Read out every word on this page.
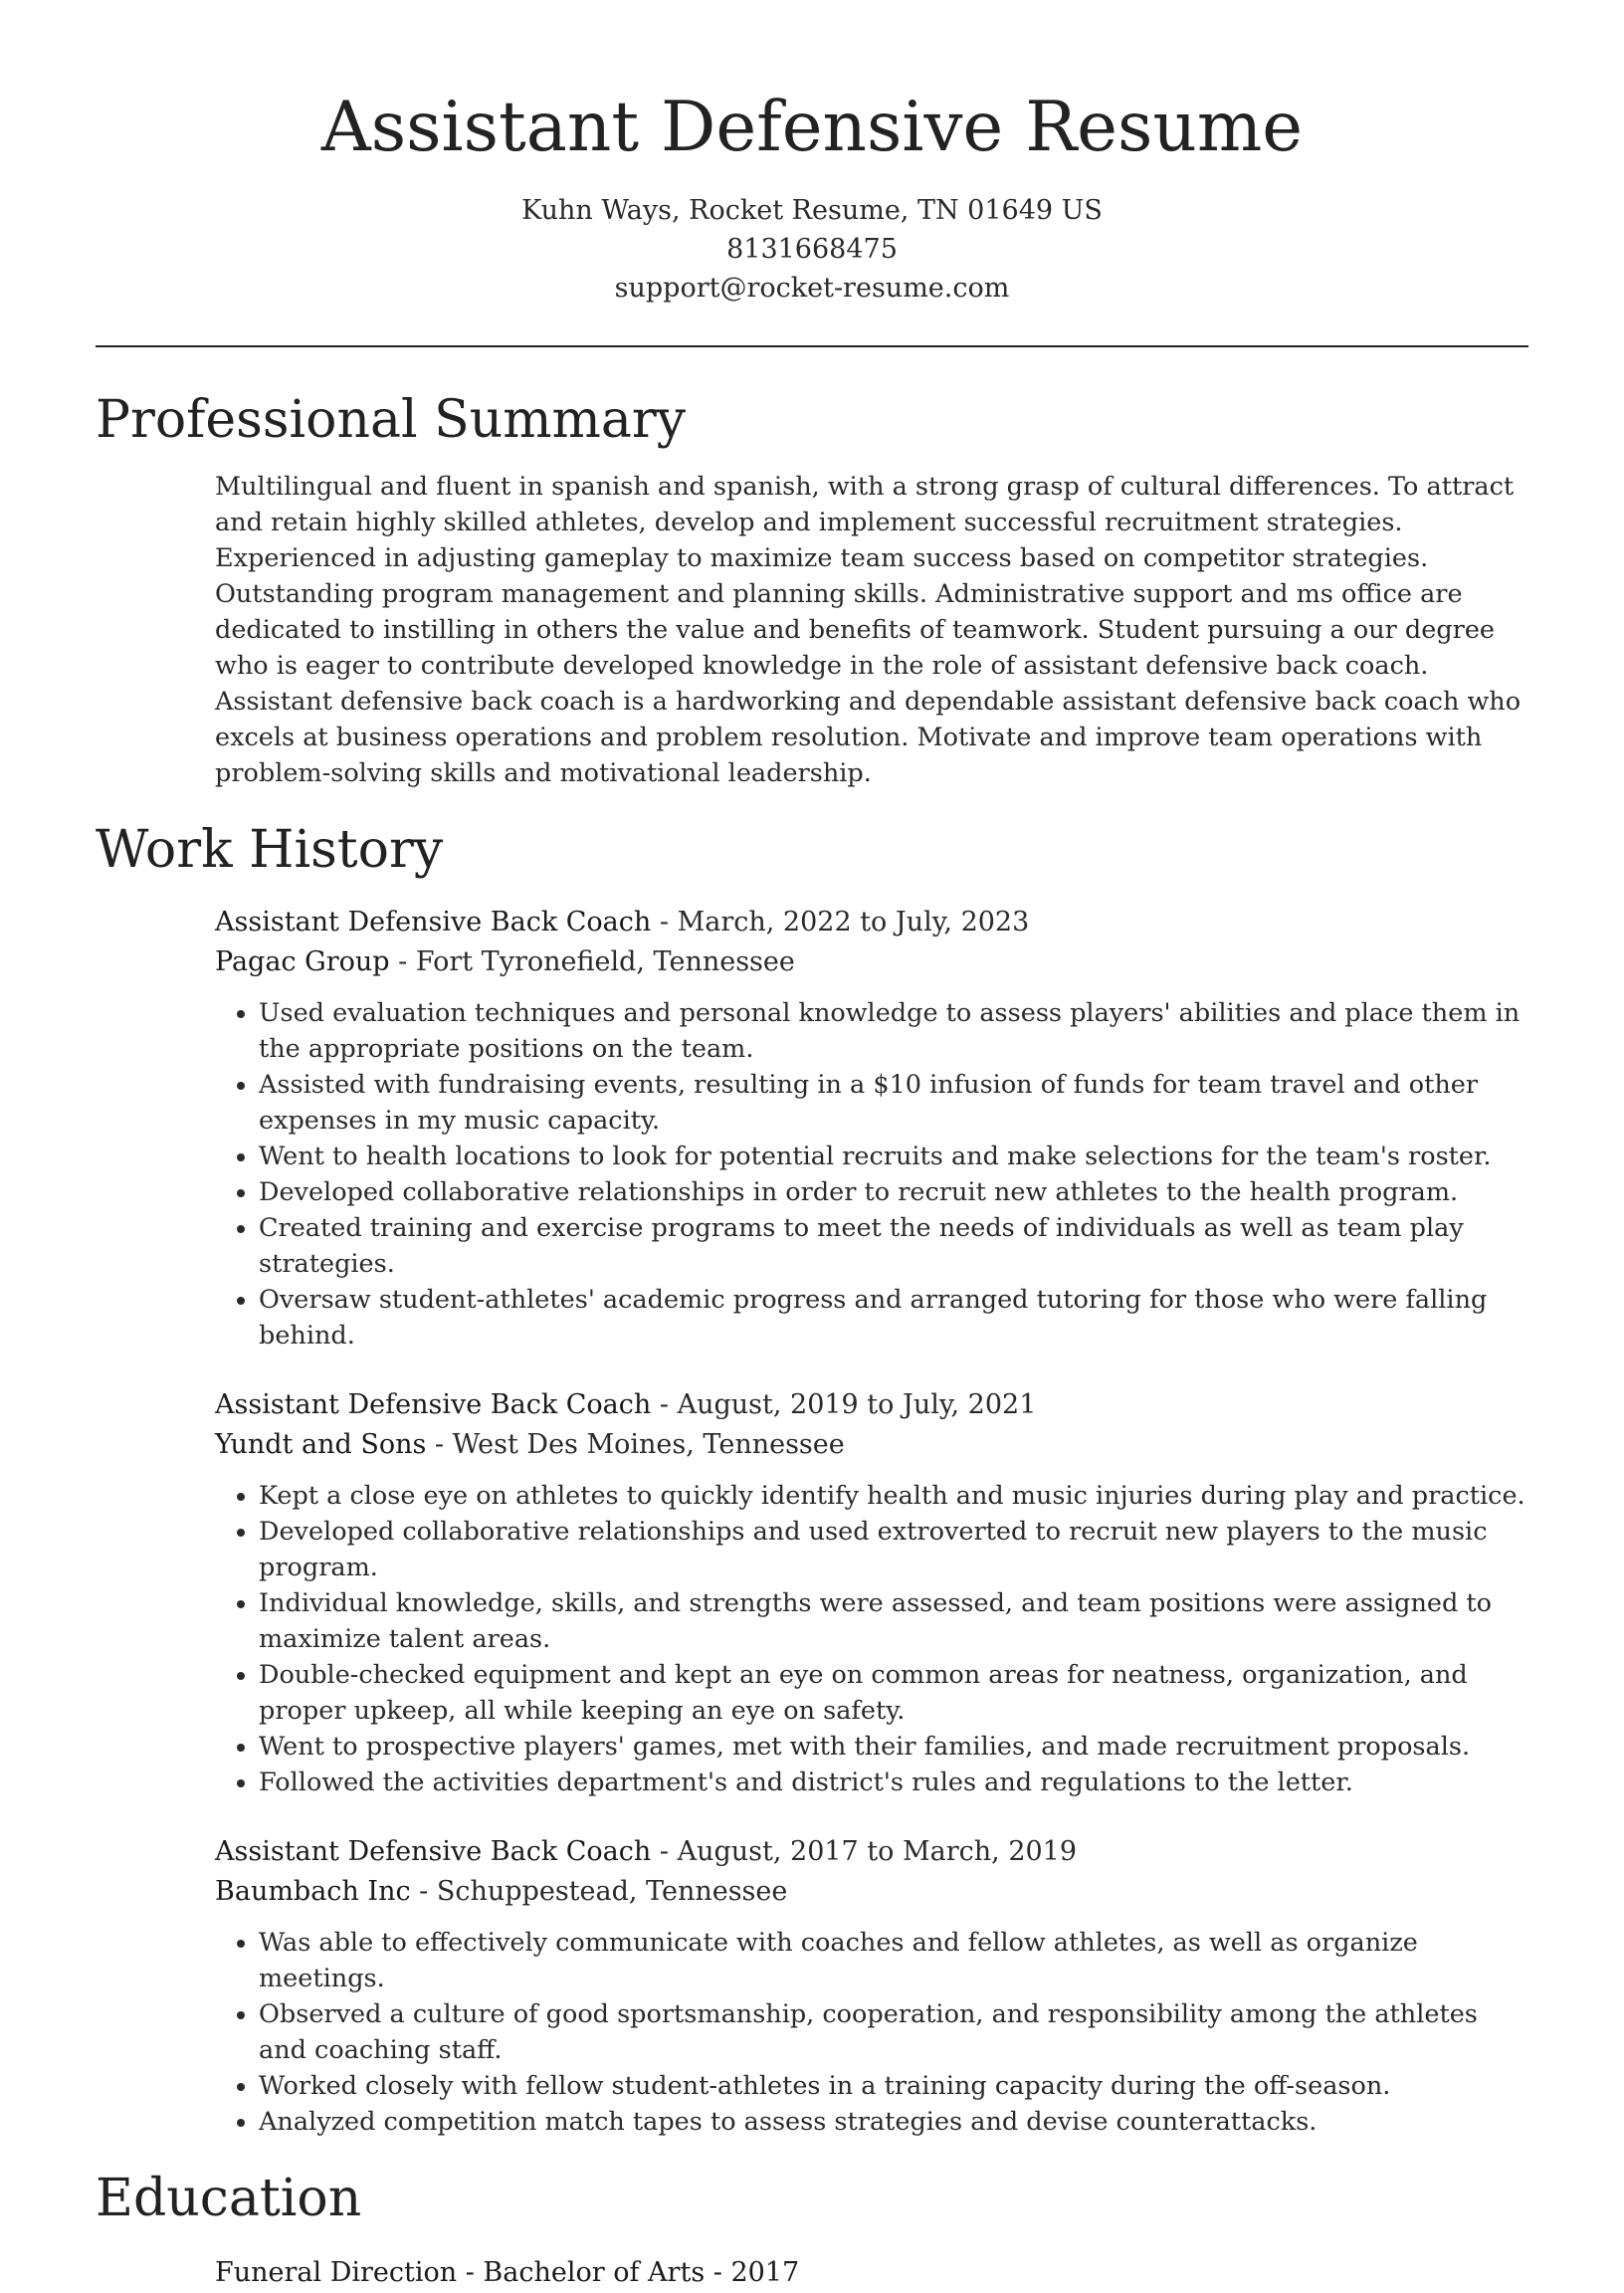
Assistant Defensive Resume
Kuhn Ways, Rocket Resume, TN 01649 US
8131668475
support@rocket-resume.com
Professional Summary
Multilingual and fluent in spanish and spanish, with a strong grasp of cultural differences. To attract and retain highly skilled athletes, develop and implement successful recruitment strategies. Experienced in adjusting gameplay to maximize team success based on competitor strategies. Outstanding program management and planning skills. Administrative support and ms office are dedicated to instilling in others the value and benefits of teamwork. Student pursuing a our degree who is eager to contribute developed knowledge in the role of assistant defensive back coach. Assistant defensive back coach is a hardworking and dependable assistant defensive back coach who excels at business operations and problem resolution. Motivate and improve team operations with problem-solving skills and motivational leadership.
Work History
Assistant Defensive Back Coach - March, 2022 to July, 2023
Pagac Group - Fort Tyronefield, Tennessee
• Used evaluation techniques and personal knowledge to assess players' abilities and place them in the appropriate positions on the team.
• Assisted with fundraising events, resulting in a $10 infusion of funds for team travel and other expenses in my music capacity.
• Went to health locations to look for potential recruits and make selections for the team's roster.
• Developed collaborative relationships in order to recruit new athletes to the health program.
• Created training and exercise programs to meet the needs of individuals as well as team play strategies.
• Oversaw student-athletes' academic progress and arranged tutoring for those who were falling behind.
Assistant Defensive Back Coach - August, 2019 to July, 2021
Yundt and Sons - West Des Moines, Tennessee
• Kept a close eye on athletes to quickly identify health and music injuries during play and practice.
• Developed collaborative relationships and used extroverted to recruit new players to the music program.
• Individual knowledge, skills, and strengths were assessed, and team positions were assigned to maximize talent areas.
• Double-checked equipment and kept an eye on common areas for neatness, organization, and proper upkeep, all while keeping an eye on safety.
• Went to prospective players' games, met with their families, and made recruitment proposals.
• Followed the activities department's and district's rules and regulations to the letter.
Assistant Defensive Back Coach - August, 2017 to March, 2019
Baumbach Inc - Schuppestead, Tennessee
• Was able to effectively communicate with coaches and fellow athletes, as well as organize meetings.
• Observed a culture of good sportsmanship, cooperation, and responsibility among the athletes and coaching staff.
• Worked closely with fellow student-athletes in a training capacity during the off-season.
• Analyzed competition match tapes to assess strategies and devise counterattacks.
Education
Funeral Direction - Bachelor of Arts - 2017
